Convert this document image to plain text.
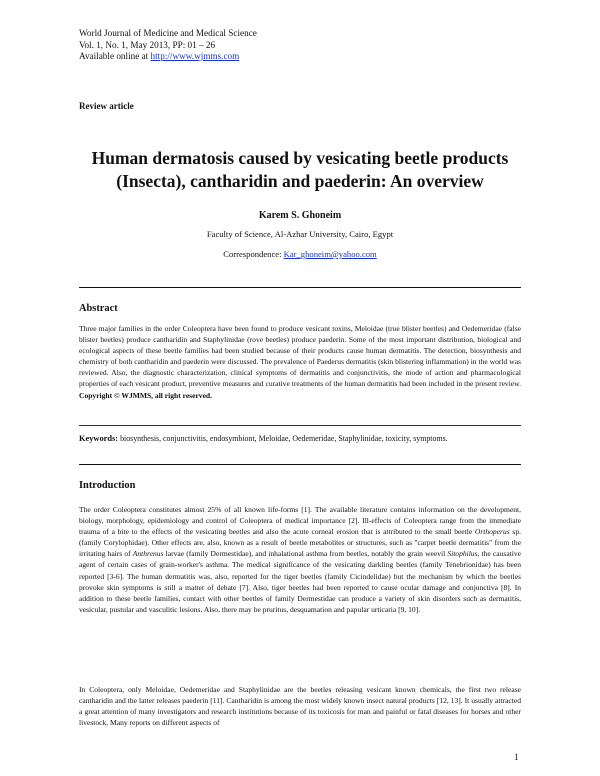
World Journal of Medicine and Medical Science
Vol. 1, No. 1, May 2013, PP: 01 – 26
Available online at http://www.wjmms.com
Review article
Human dermatosis caused by vesicating beetle products
(Insecta), cantharidin and paederin: An overview
Karem S. Ghoneim
Faculty of Science, Al-Azhar University, Cairo, Egypt
Correspondence: Kar_ghoneim@yahoo.com
Abstract
Three major families in the order Coleoptera have been found to produce vesicant toxins, Meloidae (true blister beetles) and Oedemeridae (false blister beetles) produce cantharidin and Staphylinidae (rove beetles) produce paederin. Some of the most important distribution, biological and ecological aspects of these beetle families had been studied because of their products cause human dermatitis. The detection, biosynthesis and chemistry of both cantharidin and paederin were discussed. The prevalence of Paederus dermatitis (skin blistering inflammation) in the world was reviewed. Also, the diagnostic characterization, clinical symptoms of dermatitis and conjunctivitis, the mode of action and pharmacological properties of each vesicant product, preventive measures and curative treatments of the human dermatitis had been included in the present review. Copyright © WJMMS, all right reserved.
Keywords: biosynthesis, conjunctivitis, endosymbiont, Meloidae, Oedemeridae, Staphylinidae, toxicity, symptoms.
Introduction
The order Coleoptera constitutes almost 25% of all known life-forms [1]. The available literature contains information on the development, biology, morphology, epidemiology and control of Coleoptera of medical importance [2]. Ill-effects of Coleoptera range from the immediate trauma of a bite to the effects of the vesicating beetles and also the acute corneal erosion that is attributed to the small beetle Orthoperus sp. (family Corylophidae). Other effects are, also, known as a result of beetle metabolites or structures, such as "carpet beetle dermatitis" from the irritating hairs of Anthrenus larvae (family Dermestidae), and inhalational asthma from beetles, notably the grain weevil Sitophilus, the causative agent of certain cases of grain-worker's asthma. The medical significance of the vesicating darkling beetles (family Tenebrionidae) has been reported [3-6]. The human dermatitis was, also, reported for the tiger beetles (family Cicindelidae) but the mechanism by which the beetles provoke skin symptoms is still a matter of debate [7]. Also, tiger beetles had been reported to cause ocular damage and conjunctiva [8]. In addition to these beetle families, contact with other beetles of family Dermestidae can produce a variety of skin disorders such as dermatitis, vesicular, pustular and vasculitic lesions. Also, there may be pruritus, desquamation and papular urticaria [9, 10].
In Coleoptera, only Meloidae, Oedemeridae and Staphylinidae are the beetles releasing vesicant known chemicals, the first two release cantharidin and the latter releases paederin [11]. Cantharidin is among the most widely known insect natural products [12, 13]. It usually attracted a great attention of many investigators and research institutions because of its toxicosis for man and painful or fatal diseases for horses and other livestock. Many reports on different aspects of
1
